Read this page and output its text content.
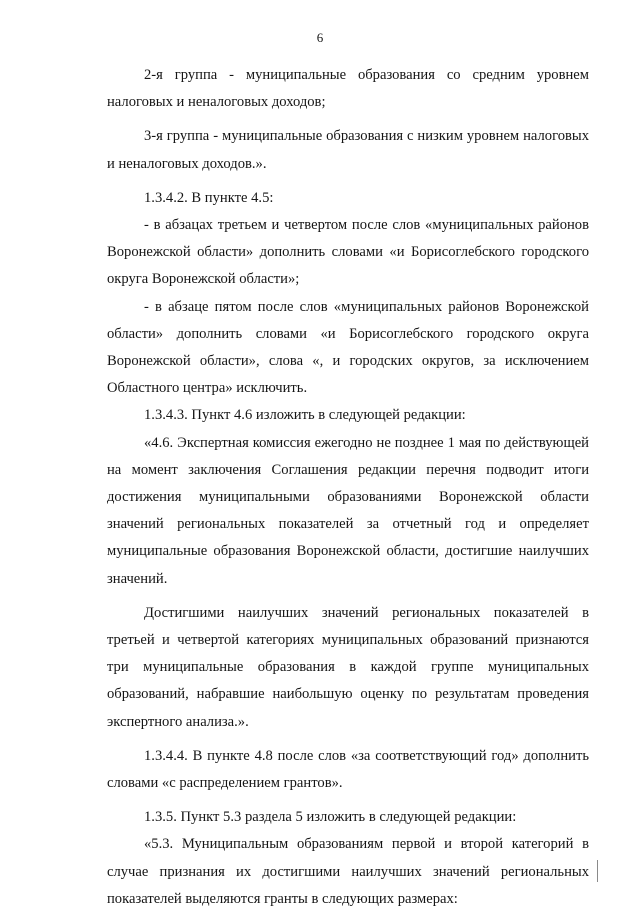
6

2-я группа - муниципальные образования со средним уровнем налоговых и неналоговых доходов;

3-я группа - муниципальные образования с низким уровнем налоговых и неналоговых доходов.».

1.3.4.2. В пункте 4.5:

- в абзацах третьем и четвертом после слов «муниципальных районов Воронежской области» дополнить словами «и Борисоглебского городского округа Воронежской области»;

- в абзаце пятом после слов «муниципальных районов Воронежской области» дополнить словами «и Борисоглебского городского округа Воронежской области», слова «, и городских округов, за исключением Областного центра» исключить.

1.3.4.3. Пункт 4.6 изложить в следующей редакции:

«4.6. Экспертная комиссия ежегодно не позднее 1 мая по действующей на момент заключения Соглашения редакции перечня подводит итоги достижения муниципальными образованиями Воронежской области значений региональных показателей за отчетный год и определяет муниципальные образования Воронежской области, достигшие наилучших значений.

Достигшими наилучших значений региональных показателей в третьей и четвертой категориях муниципальных образований признаются три муниципальные образования в каждой группе муниципальных образований, набравшие наибольшую оценку по результатам проведения экспертного анализа.».

1.3.4.4. В пункте 4.8 после слов «за соответствующий год» дополнить словами «с распределением грантов».

1.3.5. Пункт 5.3 раздела 5 изложить в следующей редакции:

«5.3. Муниципальным образованиям первой и второй категорий в случае признания их достигшими наилучших значений региональных показателей выделяются гранты в следующих размерах:
